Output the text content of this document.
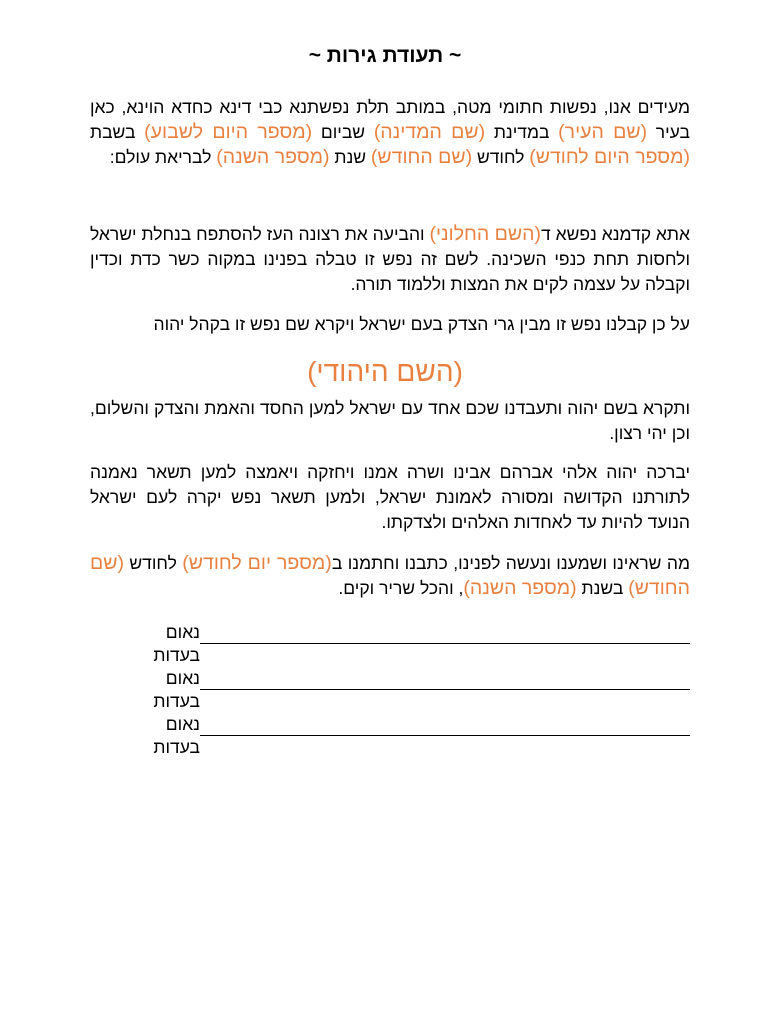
~ תעודת גירות ~
מעידים אנו, נפשות חתומי מטה, במותב תלת נפשתנא כבי דינא כחדא הוינא, כאן בעיר (שם העיר) במדינת (שם המדינה) שביום (מספר היום לשבוע) בשבת (מספר היום לחודש) לחודש (שם החודש) שנת (מספר השנה) לבריאת עולם:
אתא קדמנא נפשא ד(השם החלוני) והביעה את רצונה העז להסתפח בנחלת ישראל ולחסות תחת כנפי השכינה. לשם זה נפש זו טבלה בפנינו במקוה כשר כדת וכדין וקבלה על עצמה לקים את המצות וללמוד תורה.
על כן קבלנו נפש זו מבין גרי הצדק בעם ישראל ויקרא שם נפש זו בקהל יהוה
(השם היהודי)
ותקרא בשם יהוה ותעבדנו שכם אחד עם ישראל למען החסד והאמת והצדק והשלום, וכן יהי רצון.
יברכה יהוה אלהי אברהם אבינו ושרה אמנו ויחזקה ויאמצה למען תשאר נאמנה לתורתנו הקדושה ומסורה לאמונת ישראל, ולמען תשאר נפש יקרה לעם ישראל הנועד להיות עד לאחדות האלהים ולצדקתו.
מה שראינו ושמענו ונעשה לפנינו, כתבנו וחתמנו ב(מספר יום לחודש) לחודש (שם החודש) בשנת (מספר השנה), והכל שריר וקים.
נאום
בעדות
נאום
בעדות
נאום
בעדות
